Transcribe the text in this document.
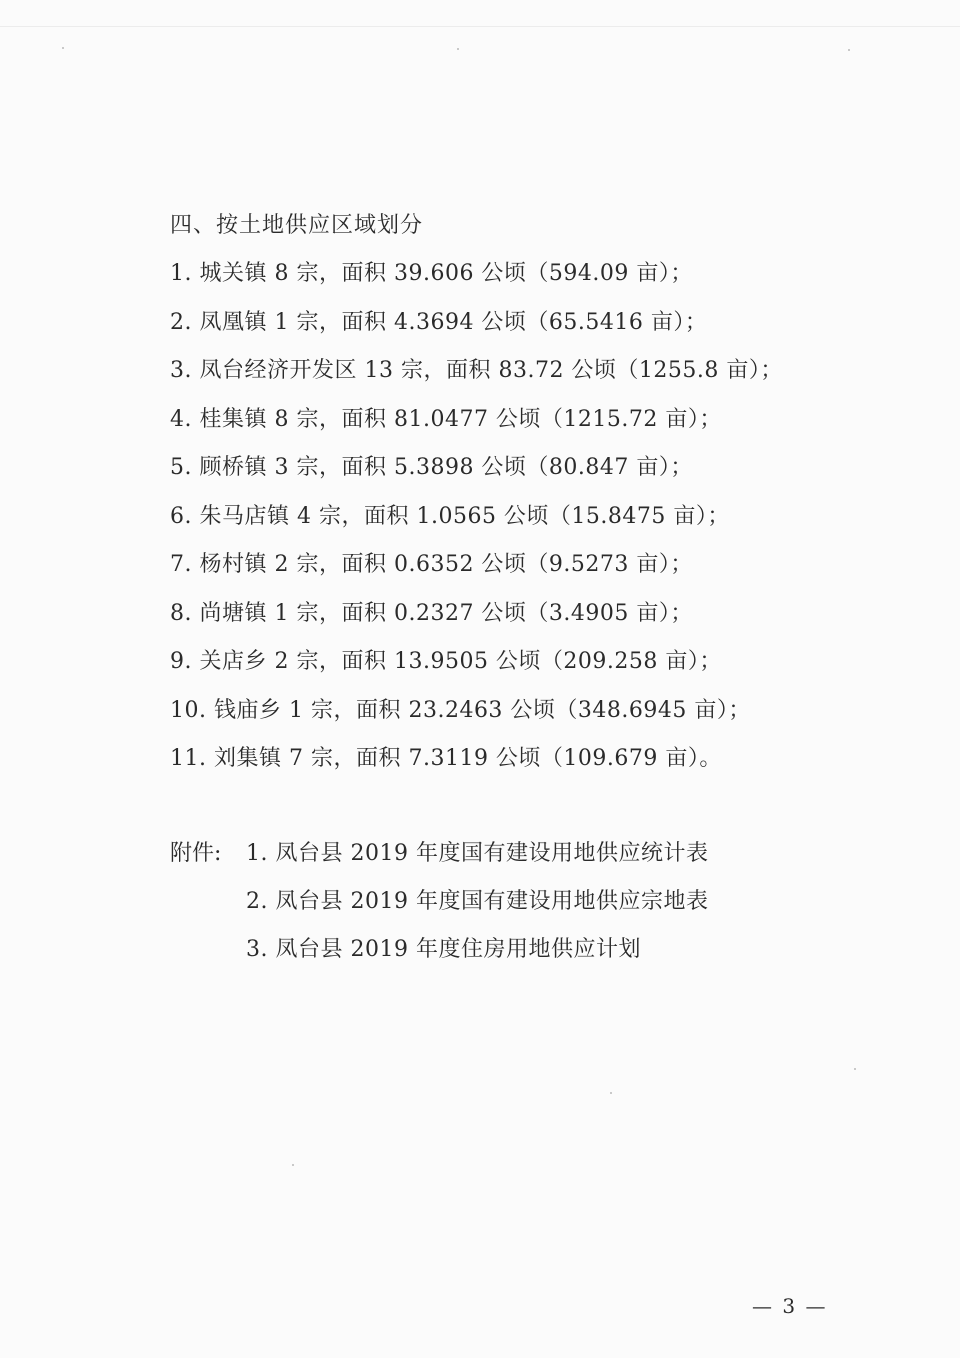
四、按土地供应区域划分
1. 城关镇 8 宗，面积 39.606 公顷（594.09 亩）；
2. 凤凰镇 1 宗，面积 4.3694 公顷（65.5416 亩）；
3. 凤台经济开发区 13 宗，面积 83.72 公顷（1255.8 亩）；
4. 桂集镇 8 宗，面积 81.0477 公顷（1215.72 亩）；
5. 顾桥镇 3 宗，面积 5.3898 公顷（80.847 亩）；
6. 朱马店镇 4 宗，面积 1.0565 公顷（15.8475 亩）；
7. 杨村镇 2 宗，面积 0.6352 公顷（9.5273 亩）；
8. 尚塘镇 1 宗，面积 0.2327 公顷（3.4905 亩）；
9. 关店乡 2 宗，面积 13.9505 公顷（209.258 亩）；
10. 钱庙乡 1 宗，面积 23.2463 公顷（348.6945 亩）；
11. 刘集镇 7 宗，面积 7.3119 公顷（109.679 亩）。
附件: 1. 凤台县 2019 年度国有建设用地供应统计表
2. 凤台县 2019 年度国有建设用地供应宗地表
3. 凤台县 2019 年度住房用地供应计划
— 3 —
